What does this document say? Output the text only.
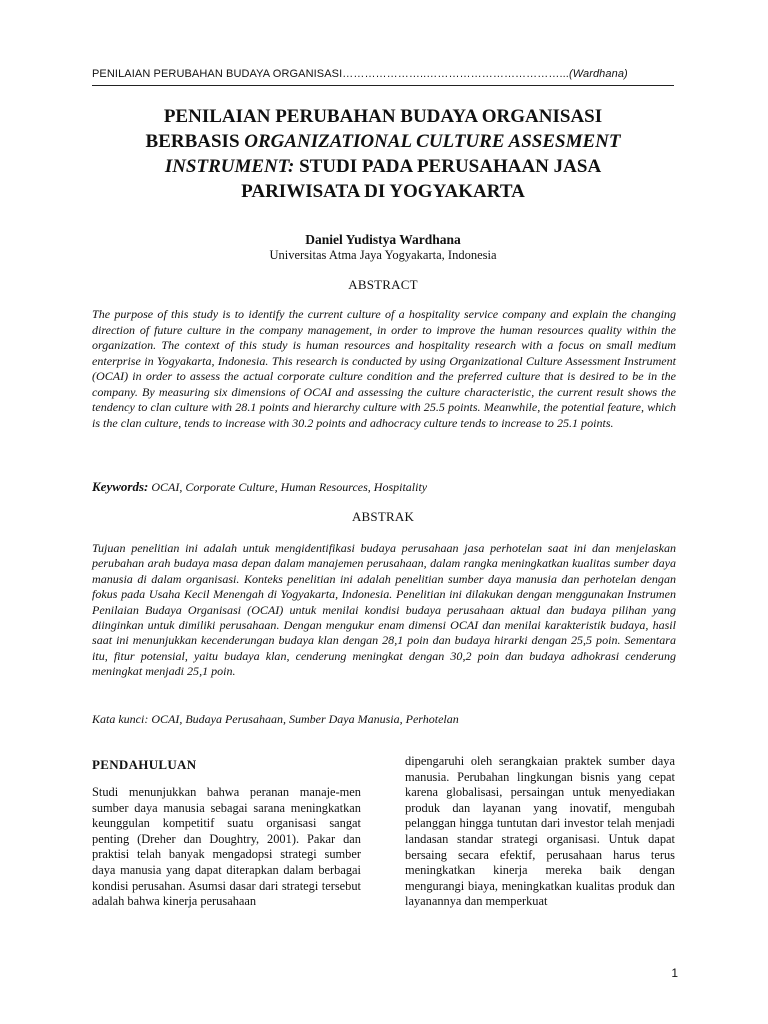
PENILAIAN PERUBAHAN BUDAYA ORGANISASI…………………..………………………………...(Wardhana)
PENILAIAN PERUBAHAN BUDAYA ORGANISASI
BERBASIS ORGANIZATIONAL CULTURE ASSESMENT
INSTRUMENT: STUDI PADA PERUSAHAAN JASA
PARIWISATA DI YOGYAKARTA
Daniel Yudistya Wardhana
Universitas Atma Jaya Yogyakarta, Indonesia
ABSTRACT

The purpose of this study is to identify the current culture of a hospitality service company and explain the changing direction of future culture in the company management, in order to improve the human resources quality within the organization. The context of this study is human resources and hospitality research with a focus on small medium enterprise in Yogyakarta, Indonesia. This research is conducted by using Organizational Culture Assessment Instrument (OCAI) in order to assess the actual corporate culture condition and the preferred culture that is desired to be in the company. By measuring six dimensions of OCAI and assessing the culture characteristic, the current result shows the tendency to clan culture with 28.1 points and hierarchy culture with 25.5 points. Meanwhile, the potential feature, which is the clan culture, tends to increase with 30.2 points and adhocracy culture tends to increase to 25.1 points.

Keywords: OCAI, Corporate Culture, Human Resources, Hospitality
ABSTRAK

Tujuan penelitian ini adalah untuk mengidentifikasi budaya perusahaan jasa perhotelan saat ini dan menjelaskan perubahan arah budaya masa depan dalam manajemen perusahaan, dalam rangka meningkatkan kualitas sumber daya manusia di dalam organisasi. Konteks penelitian ini adalah penelitian sumber daya manusia dan perhotelan dengan fokus pada Usaha Kecil Menengah di Yogyakarta, Indonesia. Penelitian ini dilakukan dengan menggunakan Instrumen Penilaian Budaya Organisasi (OCAI) untuk menilai kondisi budaya perusahaan aktual dan budaya pilihan yang diinginkan untuk dimiliki perusahaan. Dengan mengukur enam dimensi OCAI dan menilai karakteristik budaya, hasil saat ini menunjukkan kecenderungan budaya klan dengan 28,1 poin dan budaya hirarki dengan 25,5 poin. Sementara itu, fitur potensial, yaitu budaya klan, cenderung meningkat dengan 30,2 poin dan budaya adhokrasi cenderung meningkat menjadi 25,1 poin.

Kata kunci: OCAI, Budaya Perusahaan, Sumber Daya Manusia, Perhotelan
PENDAHULUAN

Studi menunjukkan bahwa peranan manaje-men sumber daya manusia sebagai sarana meningkatkan keunggulan kompetitif suatu organisasi sangat penting (Dreher dan Doughtry, 2001). Pakar dan praktisi telah banyak mengadopsi strategi sumber daya manusia yang dapat diterapkan dalam berbagai kondisi perusahan. Asumsi dasar dari strategi tersebut adalah bahwa kinerja perusahaan

dipengaruhi oleh serangkaian praktek sumber daya manusia. Perubahan lingkungan bisnis yang cepat karena globalisasi, persaingan untuk menyediakan produk dan layanan yang inovatif, mengubah pelanggan hingga tuntutan dari investor telah menjadi landasan standar strategi organisasi. Untuk dapat bersaing secara efektif, perusahaan harus terus meningkatkan kinerja mereka baik dengan mengurangi biaya, meningkatkan kualitas produk dan layanannya dan memperkuat

1
